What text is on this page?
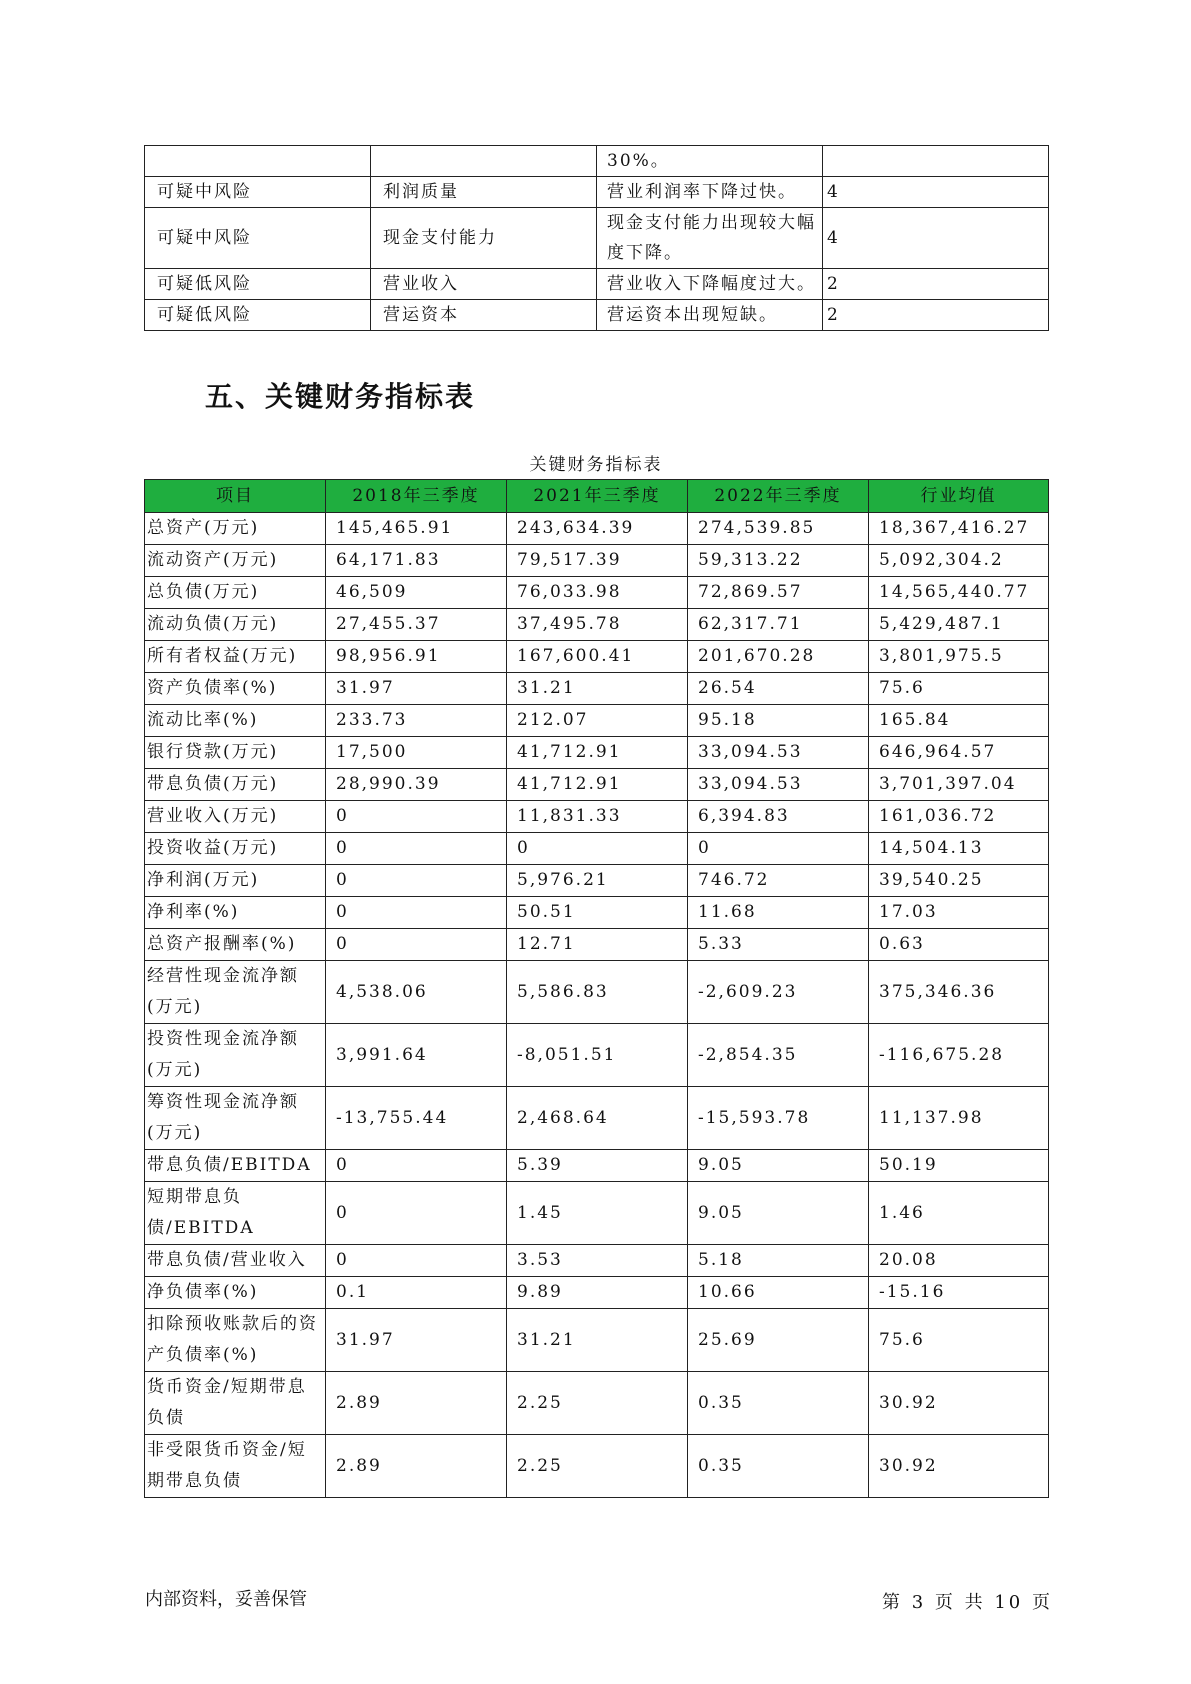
		30%。	
可疑中风险	利润质量	营业利润率下降过快。	4
可疑中风险	现金支付能力	现金支付能力出现较大幅度下降。	4
可疑低风险	营业收入	营业收入下降幅度过大。	2
可疑低风险	营运资本	营运资本出现短缺。	2
五、关键财务指标表
关键财务指标表
项目	2018年三季度	2021年三季度	2022年三季度	行业均值
总资产(万元)	145,465.91	243,634.39	274,539.85	18,367,416.27
流动资产(万元)	64,171.83	79,517.39	59,313.22	5,092,304.2
总负债(万元)	46,509	76,033.98	72,869.57	14,565,440.77
流动负债(万元)	27,455.37	37,495.78	62,317.71	5,429,487.1
所有者权益(万元)	98,956.91	167,600.41	201,670.28	3,801,975.5
资产负债率(%)	31.97	31.21	26.54	75.6
流动比率(%)	233.73	212.07	95.18	165.84
银行贷款(万元)	17,500	41,712.91	33,094.53	646,964.57
带息负债(万元)	28,990.39	41,712.91	33,094.53	3,701,397.04
营业收入(万元)	0	11,831.33	6,394.83	161,036.72
投资收益(万元)	0	0	0	14,504.13
净利润(万元)	0	5,976.21	746.72	39,540.25
净利率(%)	0	50.51	11.68	17.03
总资产报酬率(%)	0	12.71	5.33	0.63
经营性现金流净额(万元)	4,538.06	5,586.83	-2,609.23	375,346.36
投资性现金流净额(万元)	3,991.64	-8,051.51	-2,854.35	-116,675.28
筹资性现金流净额(万元)	-13,755.44	2,468.64	-15,593.78	11,137.98
带息负债/EBITDA	0	5.39	9.05	50.19
短期带息负债/EBITDA	0	1.45	9.05	1.46
带息负债/营业收入	0	3.53	5.18	20.08
净负债率(%)	0.1	9.89	10.66	-15.16
扣除预收账款后的资产负债率(%)	31.97	31.21	25.69	75.6
货币资金/短期带息负债	2.89	2.25	0.35	30.92
非受限货币资金/短期带息负债	2.89	2.25	0.35	30.92
内部资料，妥善保管	第 3 页 共 10 页
